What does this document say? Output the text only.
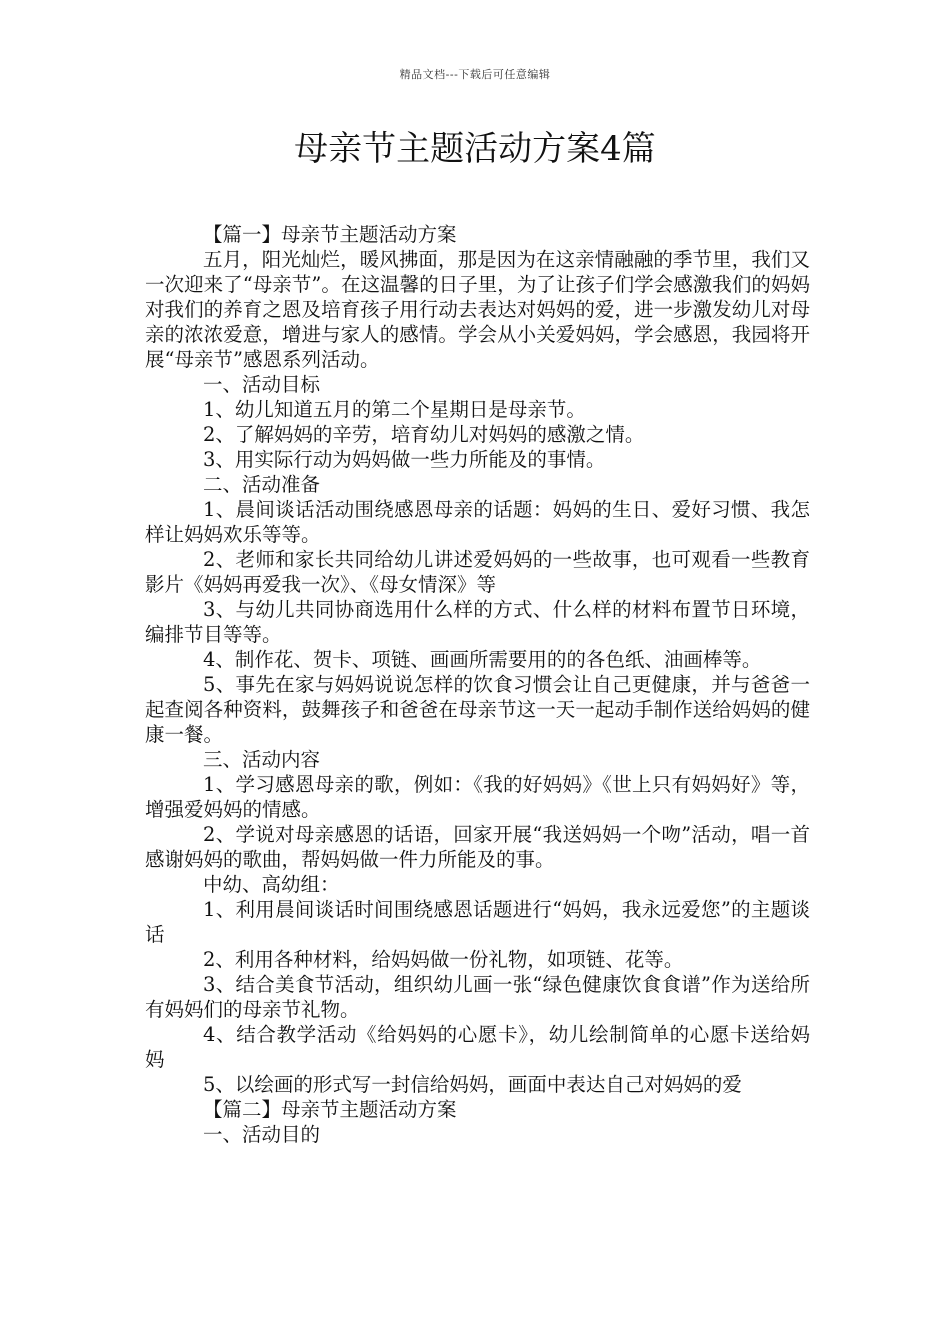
精品文档---下载后可任意编辑
母亲节主题活动方案4篇

【篇一】母亲节主题活动方案

五月，阳光灿烂，暖风拂面，那是因为在这亲情融融的季节里，我们又一次迎来了“母亲节”。在这温馨的日子里，为了让孩子们学会感激我们的妈妈对我们的养育之恩及培育孩子用行动去表达对妈妈的爱，进一步激发幼儿对母亲的浓浓爱意，增进与家人的感情。学会从小关爱妈妈，学会感恩，我园将开展“母亲节”感恩系列活动。

一、活动目标

1、幼儿知道五月的第二个星期日是母亲节。

2、了解妈妈的辛劳，培育幼儿对妈妈的感激之情。

3、用实际行动为妈妈做一些力所能及的事情。

二、活动准备

1、晨间谈话活动围绕感恩母亲的话题：妈妈的生日、爱好习惯、我怎样让妈妈欢乐等等。

2、老师和家长共同给幼儿讲述爱妈妈的一些故事，也可观看一些教育影片《妈妈再爱我一次》、《母女情深》等

3、与幼儿共同协商选用什么样的方式、什么样的材料布置节日环境，编排节目等等。

4、制作花、贺卡、项链、画画所需要用的的各色纸、油画棒等。

5、事先在家与妈妈说说怎样的饮食习惯会让自己更健康，并与爸爸一起查阅各种资料，鼓舞孩子和爸爸在母亲节这一天一起动手制作送给妈妈的健康一餐。

三、活动内容

1、学习感恩母亲的歌，例如：《我的好妈妈》《世上只有妈妈好》等，增强爱妈妈的情感。

2、学说对母亲感恩的话语，回家开展“我送妈妈一个吻”活动，唱一首感谢妈妈的歌曲，帮妈妈做一件力所能及的事。

中幼、高幼组：

1、利用晨间谈话时间围绕感恩话题进行“妈妈，我永远爱您”的主题谈话

2、利用各种材料，给妈妈做一份礼物，如项链、花等。

3、结合美食节活动，组织幼儿画一张“绿色健康饮食食谱”作为送给所有妈妈们的母亲节礼物。

4、结合教学活动《给妈妈的心愿卡》，幼儿绘制简单的心愿卡送给妈妈

5、以绘画的形式写一封信给妈妈，画面中表达自己对妈妈的爱

【篇二】母亲节主题活动方案

一、活动目的
